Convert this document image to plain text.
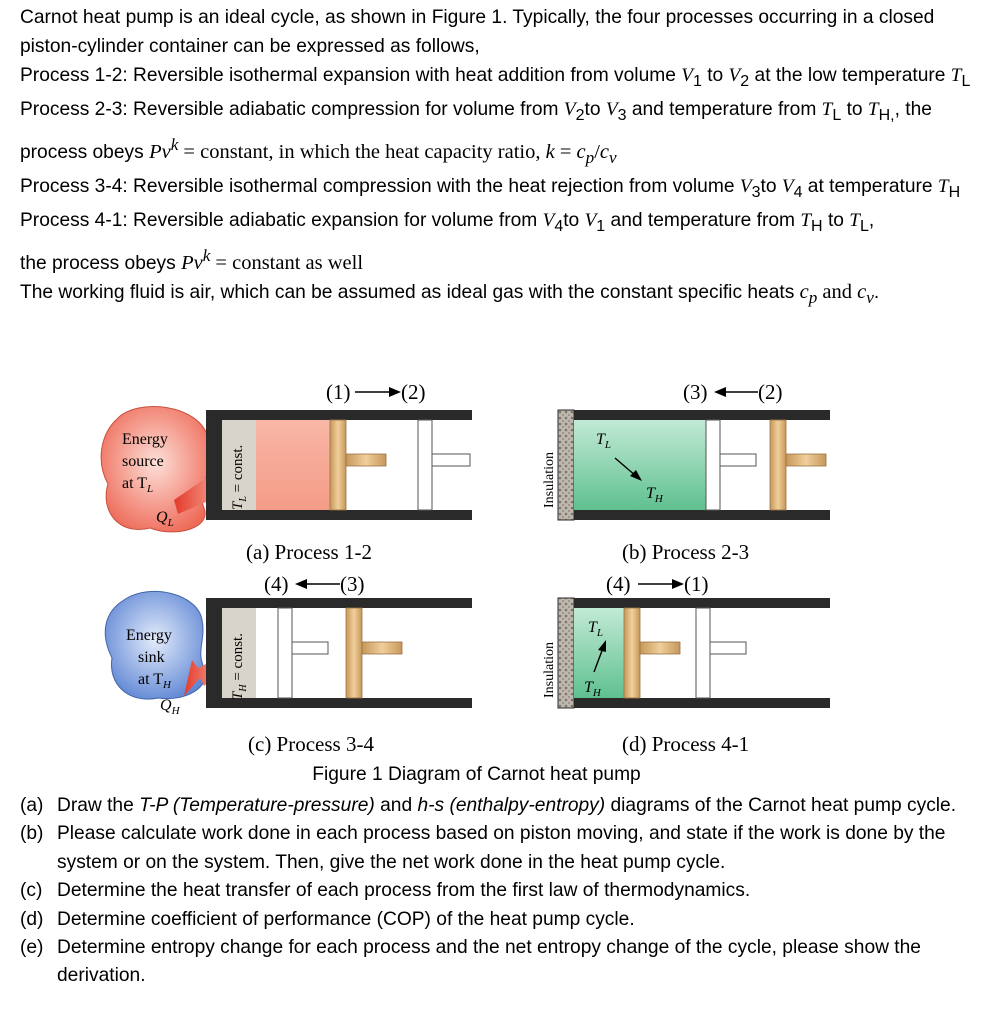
Carnot heat pump is an ideal cycle, as shown in Figure 1. Typically, the four processes occurring in a closed piston-cylinder container can be expressed as follows,

Process 1-2: Reversible isothermal expansion with heat addition from volume $V_1$ to $V_2$ at the low temperature $T_L$

Process 2-3: Reversible adiabatic compression for volume from $V_2to$ $V_3$ and temperature from $T_L$ to $T_{H,}$, the process obeys $Pv^k$ = constant, in which the heat capacity ratio, $k = c_p/c_v$

Process 3-4: Reversible isothermal compression with the heat rejection from volume $V_3to$ $V_4$ at temperature $T_H$

Process 4-1: Reversible adiabatic expansion for volume from $V_4to$ $V_1$ and temperature from $T_H$ to $T_L$,
the process obeys $Pv^k$ = constant as well

The working fluid is air, which can be assumed as ideal gas with the constant specific heats $c_p$ and $c_v$.

(1) (2)
Energy
source
at $T_L$
$Q_L$
$T_L$ = const.
(a) Process 1-2
(3) (2)
Insulation
$T_L$
$T_H$
(b) Process 2-3
(4) (3)
Energy
sink
at $T_H$
$Q_H$
$T_H$ = const.
(c) Process 3-4
(4)	(1)
Insulation
$T_L$
$T_H$
(d) Process 4-1
Figure 1 Diagram of Carnot heat pump
(a) Draw the T-P (Temperature-pressure) and h-s (enthalpy-entropy) diagrams of the Carnot heat pump cycle.
(b) Please calculate work done in each process based on piston moving, and state if the work is done by the system or on the system. Then, give the net work done in the heat pump cycle.
(c) Determine the heat transfer of each process from the first law of thermodynamics.
(d) Determine coefficient of performance (COP) of the heat pump cycle.
(e) Determine entropy change for each process and the net entropy change of the cycle, please show the derivation.
